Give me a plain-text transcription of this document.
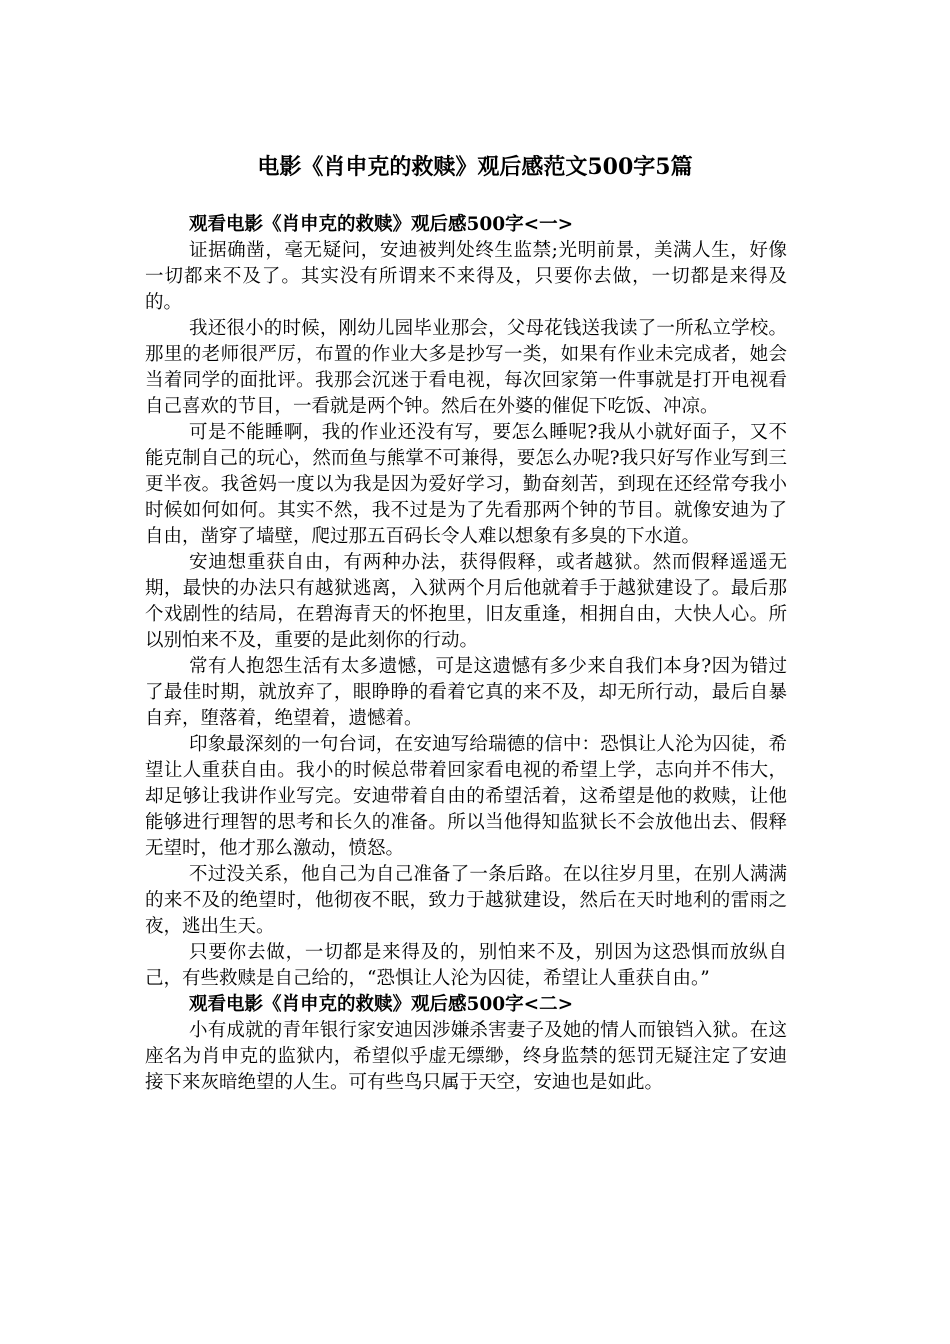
电影《肖申克的救赎》观后感范文500字5篇

观看电影《肖申克的救赎》观后感500字<一>

证据确凿，毫无疑问，安迪被判处终生监禁;光明前景，美满人生，好像一切都来不及了。其实没有所谓来不来得及，只要你去做，一切都是来得及的。

我还很小的时候，刚幼儿园毕业那会，父母花钱送我读了一所私立学校。那里的老师很严厉，布置的作业大多是抄写一类，如果有作业未完成者，她会当着同学的面批评。我那会沉迷于看电视，每次回家第一件事就是打开电视看自己喜欢的节目，一看就是两个钟。然后在外婆的催促下吃饭、冲凉。

可是不能睡啊，我的作业还没有写，要怎么睡呢?我从小就好面子，又不能克制自己的玩心，然而鱼与熊掌不可兼得，要怎么办呢?我只好写作业写到三更半夜。我爸妈一度以为我是因为爱好学习，勤奋刻苦，到现在还经常夸我小时候如何如何。其实不然，我不过是为了先看那两个钟的节目。就像安迪为了自由，凿穿了墙壁，爬过那五百码长令人难以想象有多臭的下水道。

安迪想重获自由，有两种办法，获得假释，或者越狱。然而假释遥遥无期，最快的办法只有越狱逃离，入狱两个月后他就着手于越狱建设了。最后那个戏剧性的结局，在碧海青天的怀抱里，旧友重逢，相拥自由，大快人心。所以别怕来不及，重要的是此刻你的行动。

常有人抱怨生活有太多遗憾，可是这遗憾有多少来自我们本身?因为错过了最佳时期，就放弃了，眼睁睁的看着它真的来不及，却无所行动，最后自暴自弃，堕落着，绝望着，遗憾着。

印象最深刻的一句台词，在安迪写给瑞德的信中：恐惧让人沦为囚徒，希望让人重获自由。我小的时候总带着回家看电视的希望上学，志向并不伟大，却足够让我讲作业写完。安迪带着自由的希望活着，这希望是他的救赎，让他能够进行理智的思考和长久的准备。所以当他得知监狱长不会放他出去、假释无望时，他才那么激动，愤怒。

不过没关系，他自己为自己准备了一条后路。在以往岁月里，在别人满满的来不及的绝望时，他彻夜不眠，致力于越狱建设，然后在天时地利的雷雨之夜，逃出生天。

只要你去做，一切都是来得及的，别怕来不及，别因为这恐惧而放纵自己，有些救赎是自己给的，“恐惧让人沦为囚徒，希望让人重获自由。”

观看电影《肖申克的救赎》观后感500字<二>

小有成就的青年银行家安迪因涉嫌杀害妻子及她的情人而锒铛入狱。在这座名为肖申克的监狱内，希望似乎虚无缥缈，终身监禁的惩罚无疑注定了安迪接下来灰暗绝望的人生。可有些鸟只属于天空，安迪也是如此。
